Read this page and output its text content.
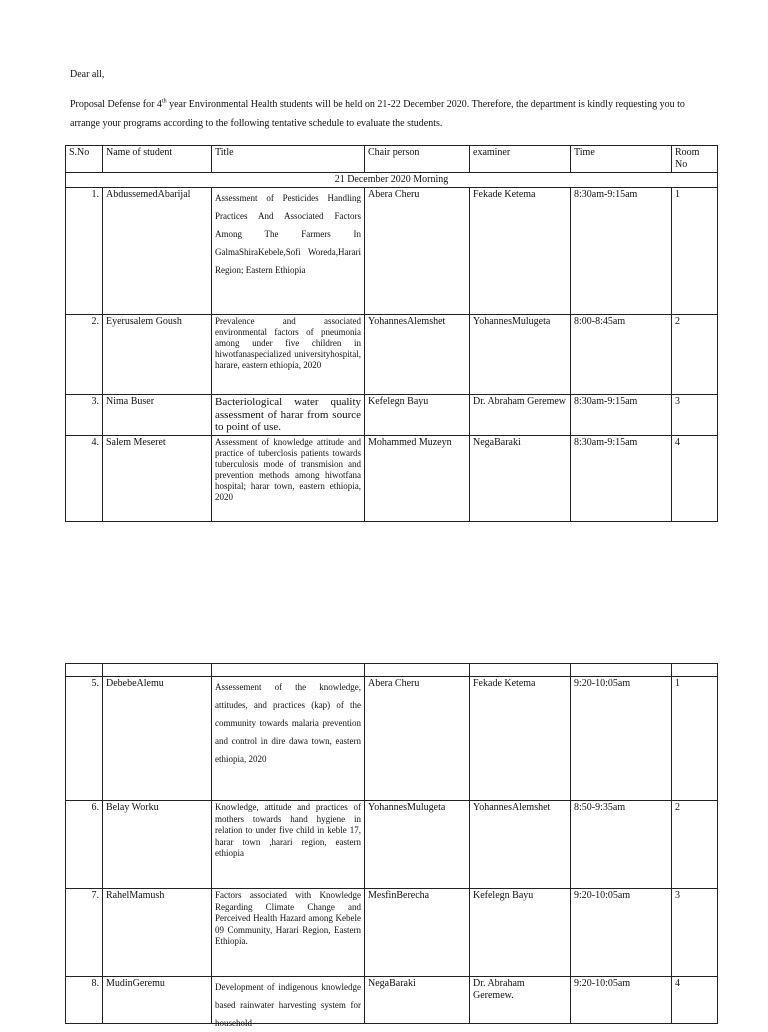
Dear all,
Proposal Defense for 4th year Environmental Health students will be held on 21-22 December 2020. Therefore, the department is kindly requesting you to arrange your programs according to the following tentative schedule to evaluate the students.
S.No	Name of student	Title	Chair person	examiner	Time	Room No
21 December 2020 Morning						
1.	AbdussemedAbarijal	Assessment of Pesticides Handling Practices And Associated Factors Among The Farmers In GalmaShiraKebele,Sofi Woreda,Harari Region; Eastern Ethiopia	Abera Cheru	Fekade Ketema	8:30am-9:15am	1
2.	Eyerusalem Goush	Prevalence and associated environmental factors of pneumonia among under five children in hiwotfanaspecialized universityhospital, harare, eastern ethiopia, 2020	YohannesAlemshet	YohannesMulugeta	8:00-8:45am	2
3.	Nima Buser	Bacteriological water quality assessment of harar from source to point of use.	Kefelegn Bayu	Dr. Abraham Geremew	8:30am-9:15am	3
4.	Salem Meseret	Assessment of knowledge attitude and practice of tuberclosis patients towards tuberculosis mode of transmision and prevention methods among hiwotfana hospital; harar town, eastern ethiopia, 2020	Mohammed Muzeyn	NegaBaraki	8:30am-9:15am	4

5.	DebebeAlemu	Assessement of the knowledge, attitudes, and practices (kap) of the community towards malaria prevention and control in dire dawa town, eastern ethiopia, 2020	Abera Cheru	Fekade Ketema	9:20-10:05am	1
6.	Belay Worku	Knowledge, attitude and practices of mothers towards hand hygiene in relation to under five child in keble 17, harar town ,harari region, eastern ethiopia	YohannesMulugeta	YohannesAlemshet	8:50-9:35am	2
7.	RahelMamush	Factors associated with Knowledge Regarding Climate Change and Perceived Health Hazard among Kebele 09 Community, Harari Region, Eastern Ethiopia.	MesfinBerecha	Kefelegn Bayu	9:20-10:05am	3
8.	MudinGeremu	Development of indigenous knowledge based rainwater harvesting system for household	NegaBaraki	Dr. Abraham Geremew.	9:20-10:05am	4
